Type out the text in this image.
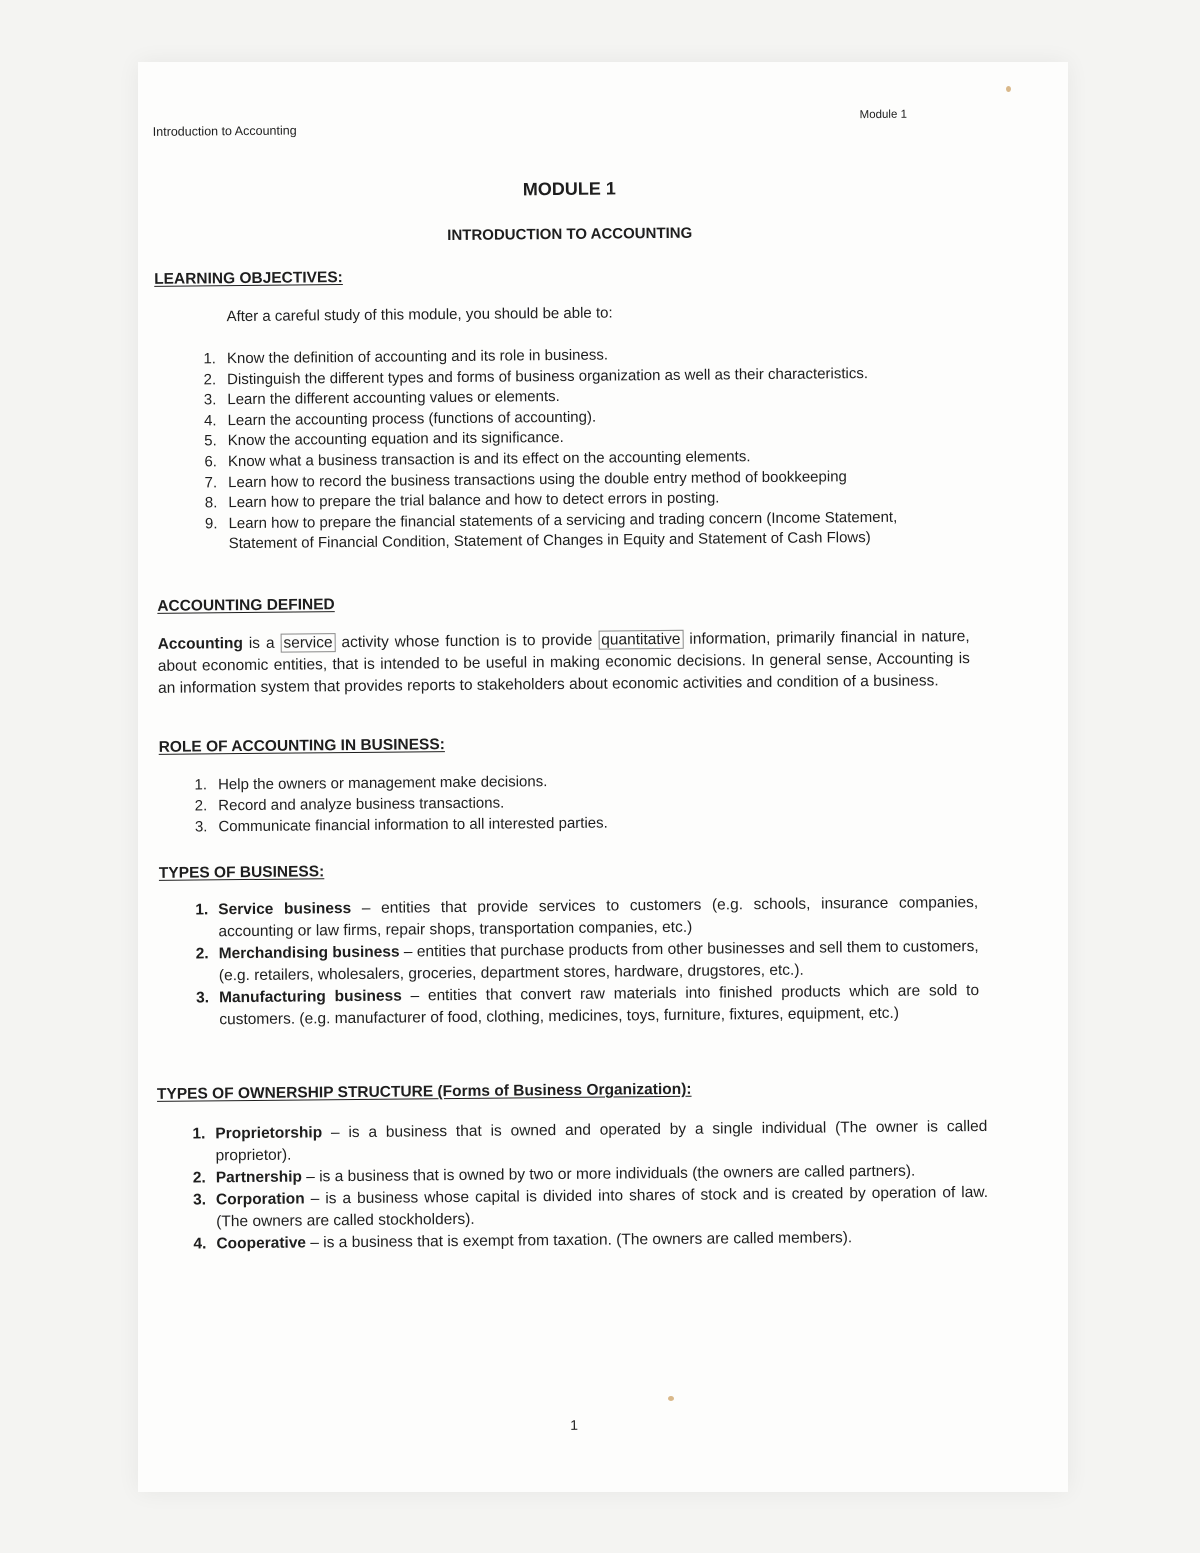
Introduction to Accounting
Module 1
MODULE 1
INTRODUCTION TO ACCOUNTING
LEARNING OBJECTIVES:
After a careful study of this module, you should be able to:
1. Know the definition of accounting and its role in business.
2. Distinguish the different types and forms of business organization as well as their characteristics.
3. Learn the different accounting values or elements.
4. Learn the accounting process (functions of accounting).
5. Know the accounting equation and its significance.
6. Know what a business transaction is and its effect on the accounting elements.
7. Learn how to record the business transactions using the double entry method of bookkeeping
8. Learn how to prepare the trial balance and how to detect errors in posting.
9. Learn how to prepare the financial statements of a servicing and trading concern (Income Statement, Statement of Financial Condition, Statement of Changes in Equity and Statement of Cash Flows)
ACCOUNTING DEFINED
Accounting is a service activity whose function is to provide quantitative information, primarily financial in nature, about economic entities, that is intended to be useful in making economic decisions. In general sense, Accounting is an information system that provides reports to stakeholders about economic activities and condition of a business.
ROLE OF ACCOUNTING IN BUSINESS:
1. Help the owners or management make decisions.
2. Record and analyze business transactions.
3. Communicate financial information to all interested parties.
TYPES OF BUSINESS:
1. Service business – entities that provide services to customers (e.g. schools, insurance companies, accounting or law firms, repair shops, transportation companies, etc.)
2. Merchandising business – entities that purchase products from other businesses and sell them to customers, (e.g. retailers, wholesalers, groceries, department stores, hardware, drugstores, etc.).
3. Manufacturing business – entities that convert raw materials into finished products which are sold to customers. (e.g. manufacturer of food, clothing, medicines, toys, furniture, fixtures, equipment, etc.)
TYPES OF OWNERSHIP STRUCTURE (Forms of Business Organization):
1. Proprietorship – is a business that is owned and operated by a single individual (The owner is called proprietor).
2. Partnership – is a business that is owned by two or more individuals (the owners are called partners).
3. Corporation – is a business whose capital is divided into shares of stock and is created by operation of law. (The owners are called stockholders).
4. Cooperative – is a business that is exempt from taxation. (The owners are called members).
1
